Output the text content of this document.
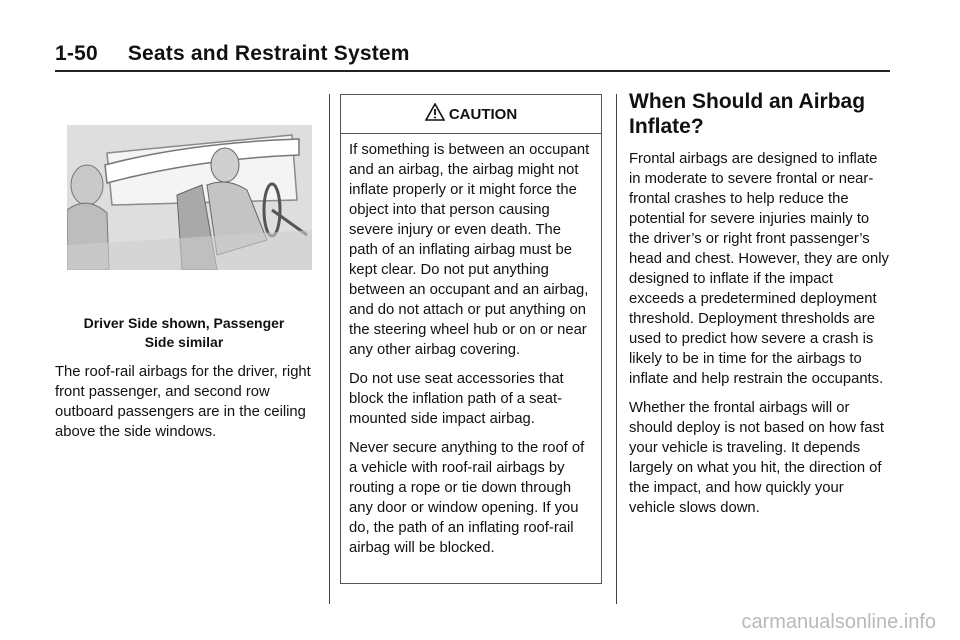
1-50 Seats and Restraint System
Driver Side shown, Passenger
Side similar

The roof-rail airbags for the driver, right front passenger, and second row outboard passengers are in the ceiling above the side windows.

CAUTION

If something is between an occupant and an airbag, the airbag might not inflate properly or it might force the object into that person causing severe injury or even death. The path of an inflating airbag must be kept clear. Do not put anything between an occupant and an airbag, and do not attach or put anything on the steering wheel hub or on or near any other airbag covering.

Do not use seat accessories that block the inflation path of a seat-mounted side impact airbag.

Never secure anything to the roof of a vehicle with roof-rail airbags by routing a rope or tie down through any door or window opening. If you do, the path of an inflating roof-rail airbag will be blocked.

When Should an Airbag Inflate?

Frontal airbags are designed to inflate in moderate to severe frontal or near-frontal crashes to help reduce the potential for severe injuries mainly to the driver’s or right front passenger’s head and chest. However, they are only designed to inflate if the impact exceeds a predetermined deployment threshold. Deployment thresholds are used to predict how severe a crash is likely to be in time for the airbags to inflate and help restrain the occupants.

Whether the frontal airbags will or should deploy is not based on how fast your vehicle is traveling. It depends largely on what you hit, the direction of the impact, and how quickly your vehicle slows down.

carmanualsonline.info
